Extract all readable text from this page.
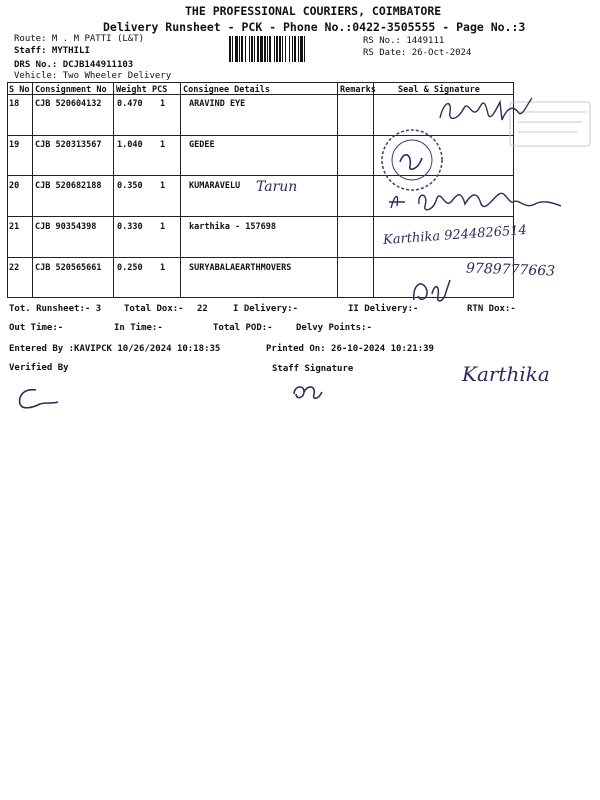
THE PROFESSIONAL COURIERS, COIMBATORE
Delivery Runsheet - PCK - Phone No.:0422-3505555 - Page No.:3
Route: M . M PATTI (L&T)
Staff: MYTHILI
DRS No.: DCJB144911103
Vehicle: Two Wheeler Delivery
RS No.: 1449111
RS Date: 26-Oct-2024
S No Consignment No Weight PCS Consignee Details	Remarks	Seal & Signature
18 CJB 520604132 0.470 1	ARAVIND EYE
19 CJB 520313567 1.040 1	GEDEE
20 CJB 520682188 0.350 1	KUMARAVELU
21 CJB 90354398 0.330 1	karthika - 157698
22 CJB 520565661 0.250 1	SURYABALAEARTHMOVERS
Tarun
Karthika 9244826514
9789777663
Tot. Runsheet:- 3	Total Dox:- 22	I Delivery:-	II Delivery:-	RTN Dox:-
Out Time:-	In Time:-	Total POD:-	Delvy Points:-
Entered By :KAVIPCK 10/26/2024 10:18:35	Printed On: 26-10-2024 10:21:39
Verified By	Staff Signature	Karthika
